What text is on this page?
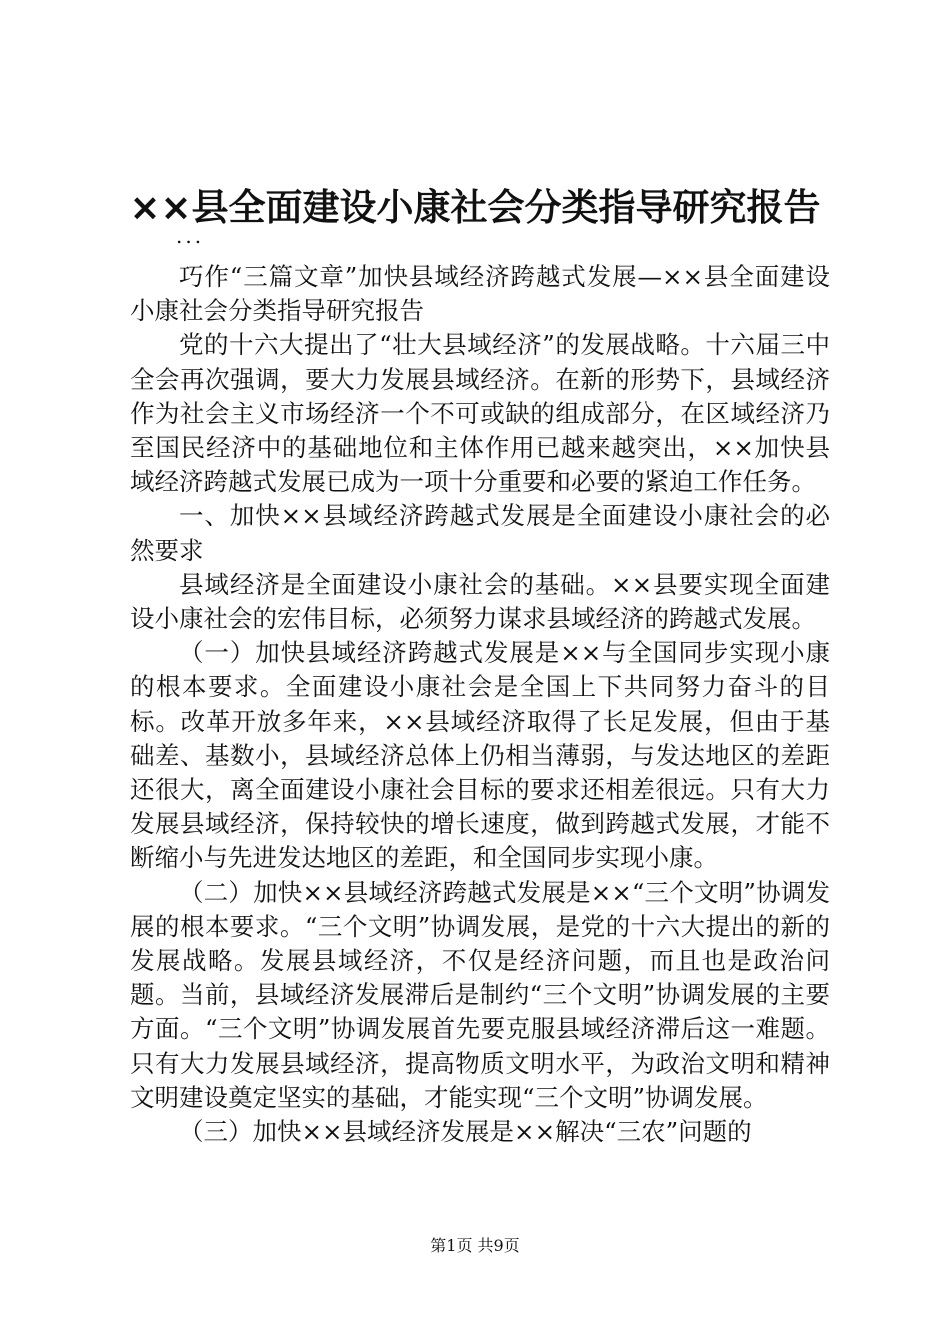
××县全面建设小康社会分类指导研究报告
...

巧作“三篇文章”加快县域经济跨越式发展—××县全面建设小康社会分类指导研究报告

党的十六大提出了“壮大县域经济”的发展战略。十六届三中全会再次强调，要大力发展县域经济。在新的形势下，县域经济作为社会主义市场经济一个不可或缺的组成部分，在区域经济乃至国民经济中的基础地位和主体作用已越来越突出，××加快县域经济跨越式发展已成为一项十分重要和必要的紧迫工作任务。

一、加快××县域经济跨越式发展是全面建设小康社会的必然要求

县域经济是全面建设小康社会的基础。××县要实现全面建设小康社会的宏伟目标，必须努力谋求县域经济的跨越式发展。

（一）加快县域经济跨越式发展是××与全国同步实现小康的根本要求。全面建设小康社会是全国上下共同努力奋斗的目标。改革开放多年来，××县域经济取得了长足发展，但由于基础差、基数小，县域经济总体上仍相当薄弱，与发达地区的差距还很大，离全面建设小康社会目标的要求还相差很远。只有大力发展县域经济，保持较快的增长速度，做到跨越式发展，才能不断缩小与先进发达地区的差距，和全国同步实现小康。

（二）加快××县域经济跨越式发展是××“三个文明”协调发展的根本要求。“三个文明”协调发展，是党的十六大提出的新的发展战略。发展县域经济，不仅是经济问题，而且也是政治问题。当前，县域经济发展滞后是制约“三个文明”协调发展的主要方面。“三个文明”协调发展首先要克服县域经济滞后这一难题。只有大力发展县域经济，提高物质文明水平，为政治文明和精神文明建设奠定坚实的基础，才能实现“三个文明”协调发展。

（三）加快××县域经济发展是××解决“三农”问题的

第1页 共9页
